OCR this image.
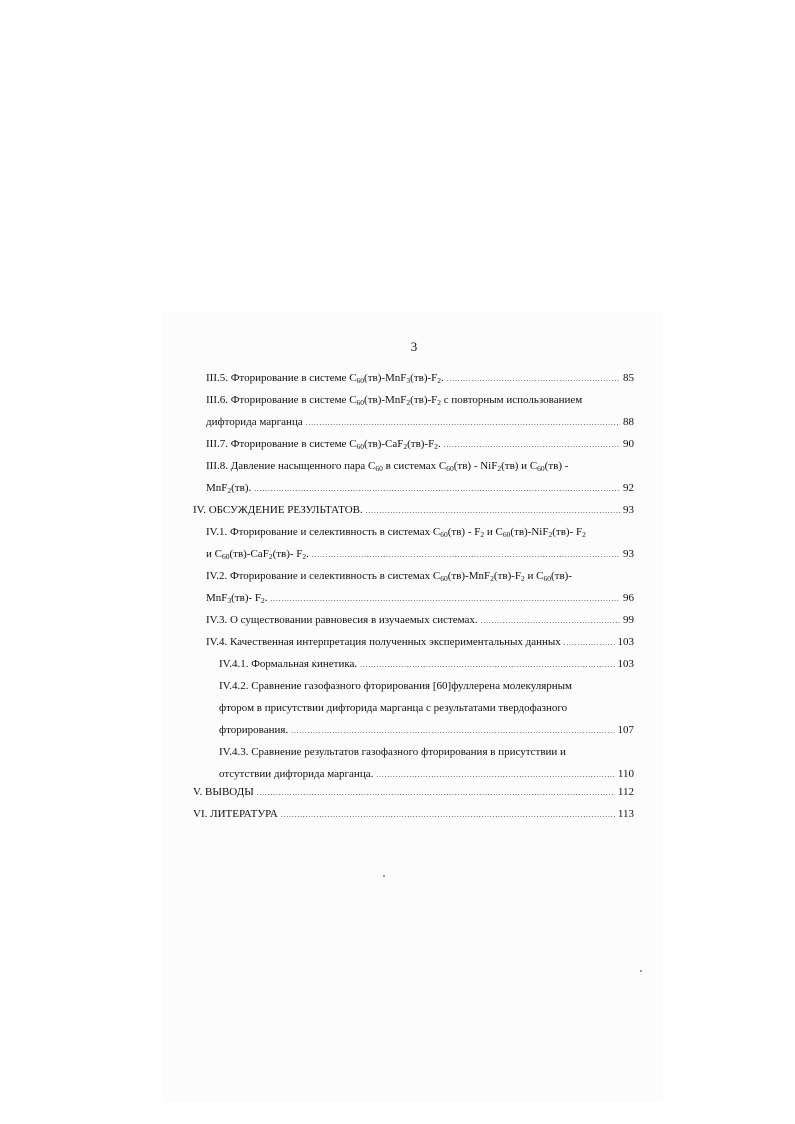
3
III.5. Фторирование в системе $C_{60}(тв)-MnF_3(тв)-F_2$. .....	85
III.6. Фторирование в системе $C_{60}(тв)-MnF_2(тв)-F_2$ с повторным использованием
дифторида марганца .....	88
III.7. Фторирование в системе $C_{60}(тв)-CaF_2(тв)-F_2$. .....	90
III.8. Давление насыщенного пара $C_{60}$ в системах $C_{60}(тв) - NiF_2(тв)$ и $C_{60}(тв)$ -
MnF$_2$(тв). .....	92
IV. ОБСУЖДЕНИЕ РЕЗУЛЬТАТОВ. .....	93
IV.1. Фторирование и селективность в системах $C_{60}(тв) - F_2$ и $C_{60}(тв)-NiF_2(тв)-$ $F_2$
и $C_{60}(тв)-CaF_2(тв)-$ $F_2$. .....	93
IV.2. Фторирование и селективность в системах $C_{60}(тв)-MnF_2(тв)-F_2$ и $C_{60}(тв)-$
MnF$_3$(тв)- $F_2$. .....	96
IV.3. О существовании равновесия в изучаемых системах. .....	99
IV.4. Качественная интерпретация полученных экспериментальных данных .....	103
IV.4.1. Формальная кинетика. .....	103
IV.4.2. Сравнение газофазного фторирования [60]фуллерена молекулярным
фтором в присутствии дифторида марганца с результатами твердофазного
фторирования. .....	107
IV.4.3. Сравнение результатов газофазного фторирования в присутствии и
отсутствии дифторида марганца. .....	110
V. ВЫВОДЫ .....	112
VI. ЛИТЕРАТУРА .....	113
